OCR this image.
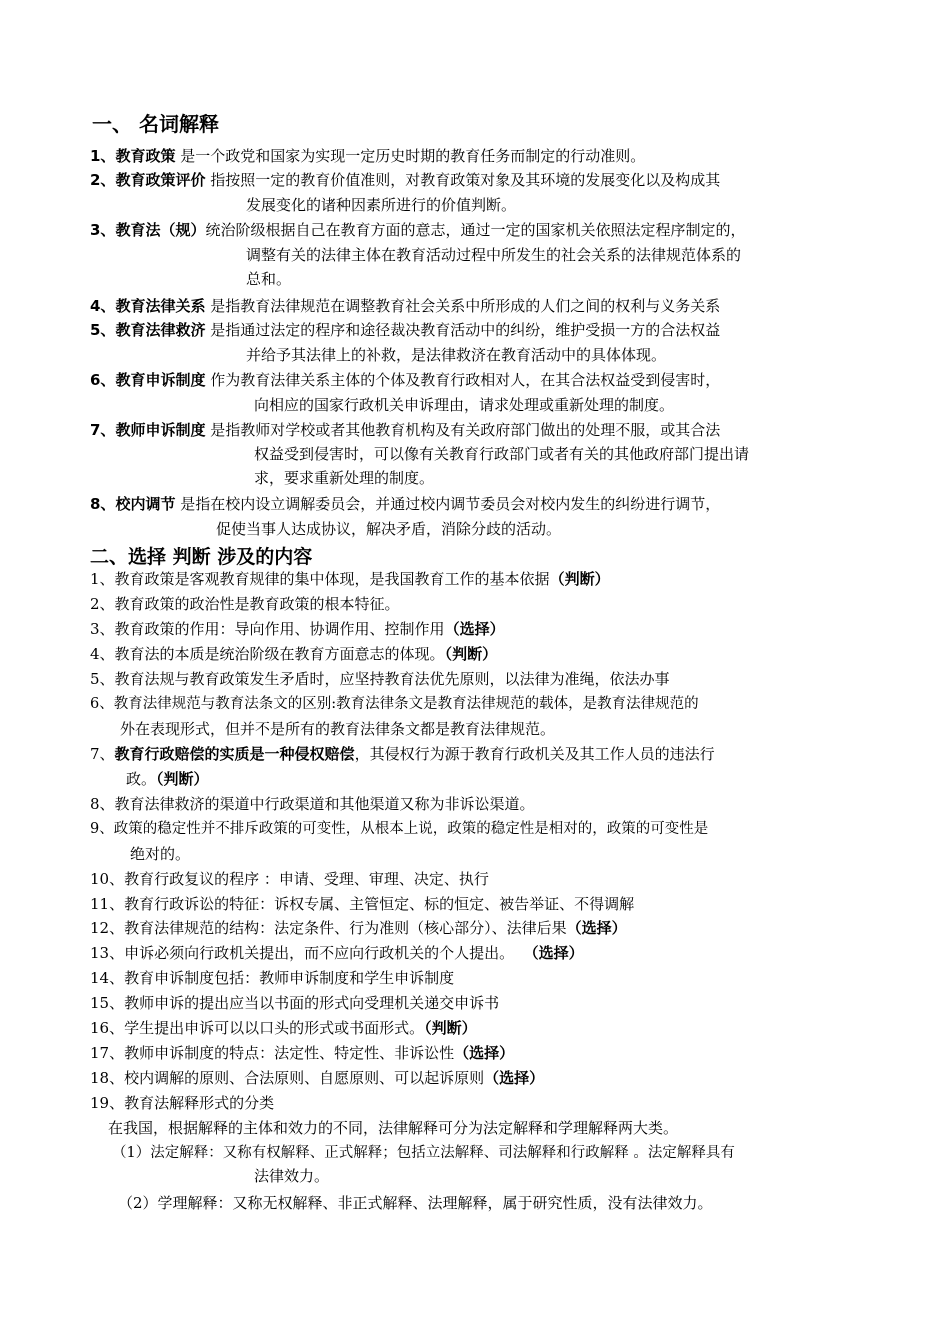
一、 名词解释
1、教育政策 是一个政党和国家为实现一定历史时期的教育任务而制定的行动准则。
2、教育政策评价 指按照一定的教育价值准则，对教育政策对象及其环境的发展变化以及构成其
发展变化的诸种因素所进行的价值判断。
3、教育法（规）统治阶级根据自己在教育方面的意志，通过一定的国家机关依照法定程序制定的，
调整有关的法律主体在教育活动过程中所发生的社会关系的法律规范体系的
总和。
4、教育法律关系 是指教育法律规范在调整教育社会关系中所形成的人们之间的权利与义务关系
5、教育法律救济 是指通过法定的程序和途径裁决教育活动中的纠纷，维护受损一方的合法权益
并给予其法律上的补救，是法律救济在教育活动中的具体体现。
6、教育申诉制度 作为教育法律关系主体的个体及教育行政相对人，在其合法权益受到侵害时，
向相应的国家行政机关申诉理由，请求处理或重新处理的制度。
7、教师申诉制度 是指教师对学校或者其他教育机构及有关政府部门做出的处理不服，或其合法
权益受到侵害时，可以像有关教育行政部门或者有关的其他政府部门提出请
求，要求重新处理的制度。
8、校内调节 是指在校内设立调解委员会，并通过校内调节委员会对校内发生的纠纷进行调节，
促使当事人达成协议，解决矛盾，消除分歧的活动。
二、选择 判断 涉及的内容
1、教育政策是客观教育规律的集中体现，是我国教育工作的基本依据（判断）
2、教育政策的政治性是教育政策的根本特征。
3、教育政策的作用：导向作用、协调作用、控制作用（选择）
4、教育法的本质是统治阶级在教育方面意志的体现。（判断）
5、教育法规与教育政策发生矛盾时，应坚持教育法优先原则，以法律为准绳，依法办事
6、教育法律规范与教育法条文的区别:教育法律条文是教育法律规范的载体，是教育法律规范的
外在表现形式，但并不是所有的教育法律条文都是教育法律规范。
7、教育行政赔偿的实质是一种侵权赔偿，其侵权行为源于教育行政机关及其工作人员的违法行
政。（判断）
8、教育法律救济的渠道中行政渠道和其他渠道又称为非诉讼渠道。
9、政策的稳定性并不排斥政策的可变性，从根本上说，政策的稳定性是相对的，政策的可变性是
绝对的。
10、教育行政复议的程序 ：申请、受理、审理、决定、执行
11、教育行政诉讼的特征：诉权专属、主管恒定、标的恒定、被告举证、不得调解
12、教育法律规范的结构：法定条件、行为准则（核心部分）、法律后果（选择）
13、申诉必须向行政机关提出，而不应向行政机关的个人提出。  （选择）
14、教育申诉制度包括：教师申诉制度和学生申诉制度
15、教师申诉的提出应当以书面的形式向受理机关递交申诉书
16、学生提出申诉可以以口头的形式或书面形式。（判断）
17、教师申诉制度的特点：法定性、特定性、非诉讼性（选择）
18、校内调解的原则、合法原则、自愿原则、可以起诉原则（选择）
19、教育法解释形式的分类
在我国，根据解释的主体和效力的不同，法律解释可分为法定解释和学理解释两大类。
（1）法定解释：又称有权解释、正式解释；包括立法解释、司法解释和行政解释 。法定解释具有
法律效力。
（2）学理解释：又称无权解释、非正式解释、法理解释，属于研究性质，没有法律效力。
